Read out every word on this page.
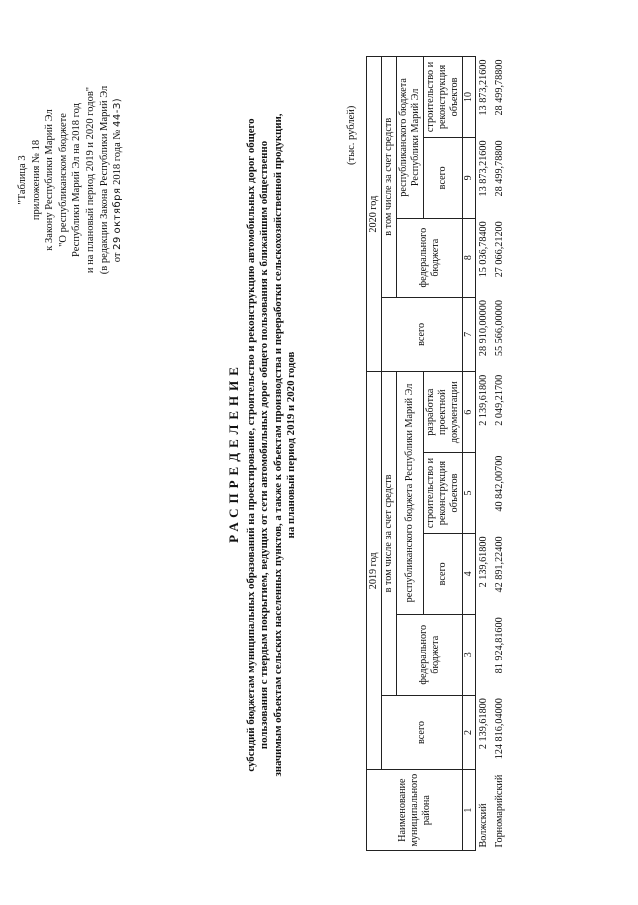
"Таблица 3 приложения № 18 к Закону Республики Марий Эл "О республиканском бюджете Республики Марий Эл на 2018 год и на плановый период 2019 и 2020 годов" (в редакции Закона Республики Марий Эл от 29 октября 2018 года № 44-З)
РАСПРЕДЕЛЕНИЕ субсидий бюджетам муниципальных образований на проектирование, строительство и реконструкцию автомобильных дорог общего пользования с твердым покрытием, ведущих от сети автомобильных дорог общего пользования к ближайшим общественно значимым объектам сельских населенных пунктов, а также к объектам производства и переработки сельскохозяйственной продукции, на плановый период 2019 и 2020 годов
(тыс. рублей)
Наименование муниципального района	2019 год					2020 год			
	всего	в том числе за счет средств				всего	в том числе за счет средств		
		федерального бюджета	республиканского бюджета Республики Марий Эл				федерального бюджета	республиканского бюджета Республики Марий Эл	
			всего	строительство и реконструкция объектов	разработка проектной документации			всего	строительство и реконструкция объектов
1	2	3	4	5	6	7	8	9	10
Волжский	2 139,61800		2 139,61800		2 139,61800	28 910,00000	15 036,78400	13 873,21600	13 873,21600
Горномарийский	124 816,04000	81 924,81600	42 891,22400	40 842,00700	2 049,21700	55 566,00000	27 066,21200	28 499,78800	28 499,78800
